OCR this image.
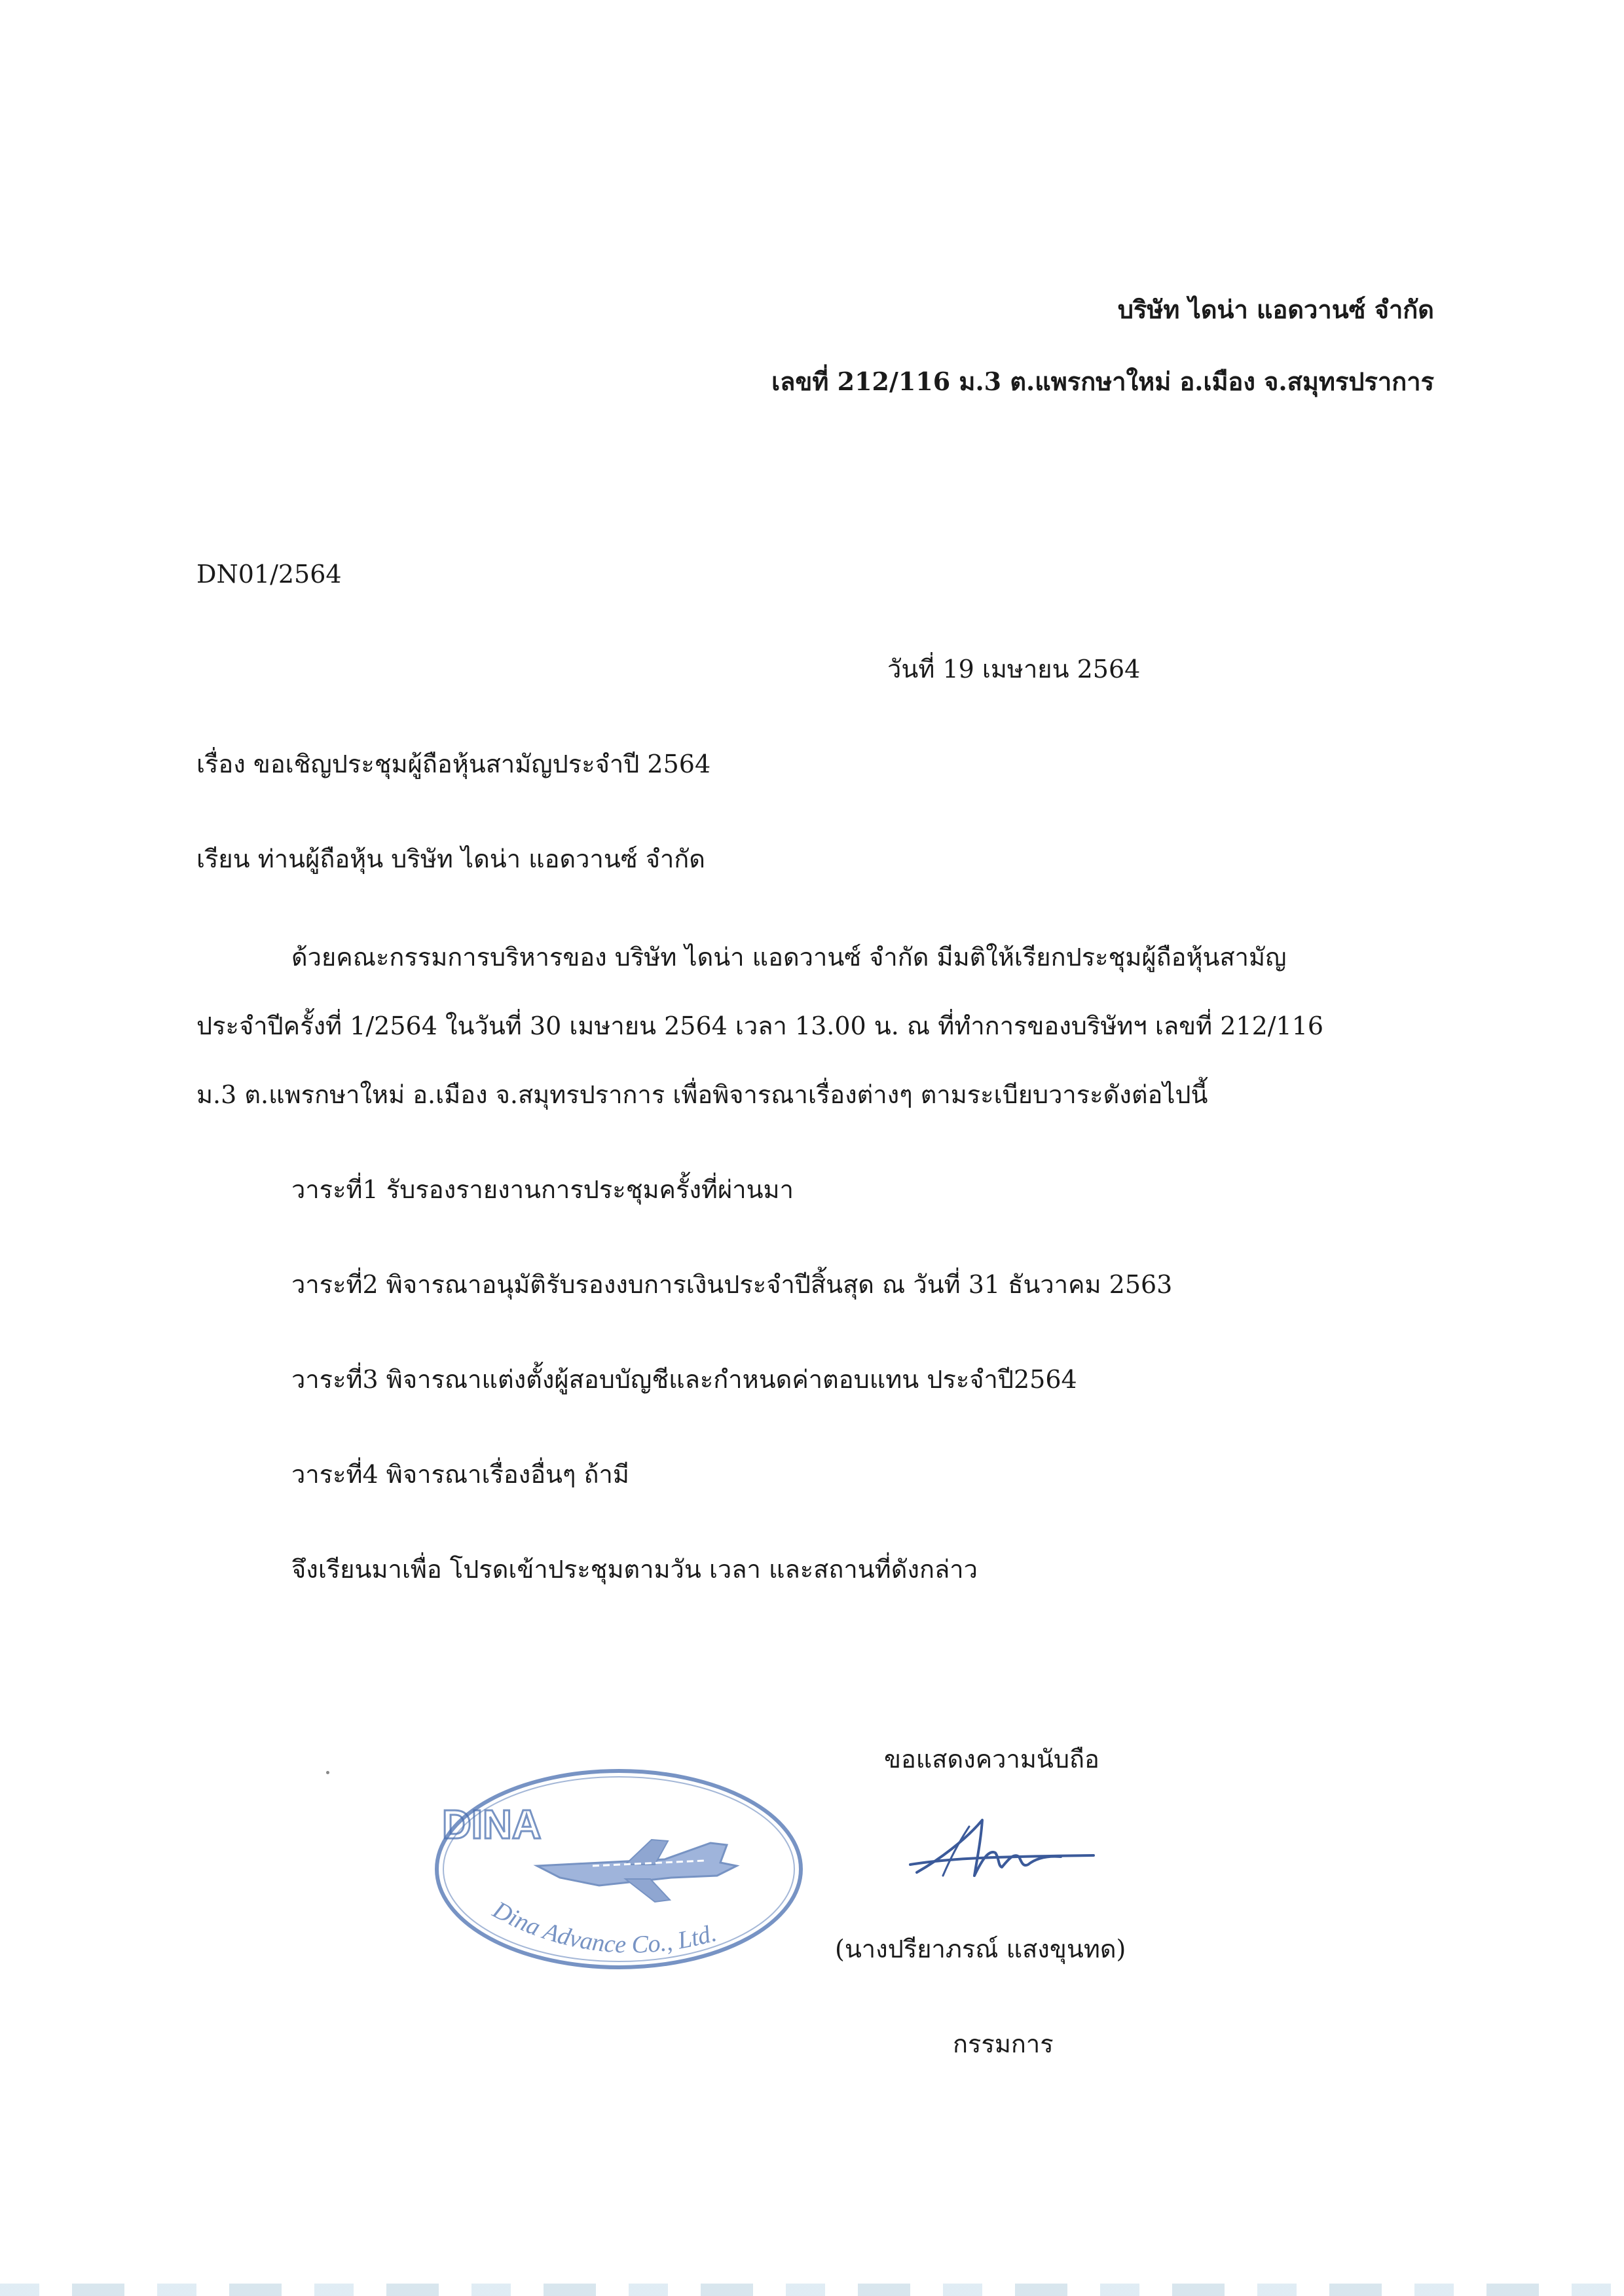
บริษัท ไดน่า แอดวานซ์ จำกัด
เลขที่ 212/116 ม.3 ต.แพรกษาใหม่ อ.เมือง จ.สมุทรปราการ
DN01/2564
วันที่ 19 เมษายน 2564
เรื่อง ขอเชิญประชุมผู้ถือหุ้นสามัญประจำปี 2564
เรียน ท่านผู้ถือหุ้น บริษัท ไดน่า แอดวานซ์ จำกัด
ด้วยคณะกรรมการบริหารของ บริษัท ไดน่า แอดวานซ์ จำกัด มีมติให้เรียกประชุมผู้ถือหุ้นสามัญ
ประจำปีครั้งที่ 1/2564 ในวันที่ 30 เมษายน 2564 เวลา 13.00 น. ณ ที่ทำการของบริษัทฯ เลขที่ 212/116
ม.3 ต.แพรกษาใหม่ อ.เมือง จ.สมุทรปราการ เพื่อพิจารณาเรื่องต่างๆ ตามระเบียบวาระดังต่อไปนี้
วาระที่1 รับรองรายงานการประชุมครั้งที่ผ่านมา
วาระที่2 พิจารณาอนุมัติรับรองงบการเงินประจำปีสิ้นสุด ณ วันที่ 31 ธันวาคม 2563
วาระที่3 พิจารณาแต่งตั้งผู้สอบบัญชีและกำหนดค่าตอบแทน ประจำปี2564
วาระที่4 พิจารณาเรื่องอื่นๆ ถ้ามี
จึงเรียนมาเพื่อ โปรดเข้าประชุมตามวัน เวลา และสถานที่ดังกล่าว
ขอแสดงความนับถือ
DINA
Dina Advance Co., Ltd.
(นางปรียาภรณ์ แสงขุนทด)
กรรมการ
